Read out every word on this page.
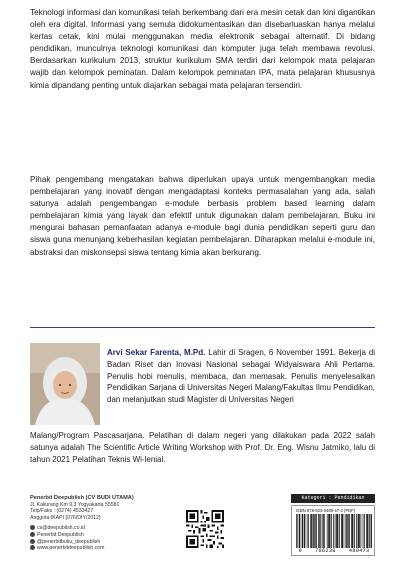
Teknologi informasi dan komunikasi telah berkembang dari era mesin cetak dan kini digantikan oleh era digital. Informasi yang semula didokumentasikan dan disebarluaskan hanya melalui kertas cetak, kini mulai menggunakan media elektronik sebagai alternatif. Di bidang pendidikan, munculnya teknologi komunikasi dan komputer juga telah membawa revolusi. Berdasarkan kurikulum 2013, struktur kurikulum SMA terdiri dari kelompok mata pelajaran wajib dan kelompok peminatan. Dalam kelompok peminatan IPA, mata pelajaran khususnya kimia dipandang penting untuk diajarkan sebagai mata pelajaran tersendiri.

Pihak pengembang mengatakan bahwa diperlukan upaya untuk mengembangkan media pembelajaran yang inovatif dengan mengadaptasi konteks permasalahan yang ada, salah satunya adalah pengembangan e-module berbasis problem based learning dalam pembelajaran kimia yang layak dan efektif untuk digunakan dalam pembelajaran. Buku ini mengurai bahasan pemanfaatan adanya e-module bagi dunia pendidikan seperti guru dan siswa guna menunjang keberhasilan kegiatan pembelajaran. Diharapkan melalui e-module ini, abstraksi dan miskonsepsi siswa tentang kimia akan berkurang.

Arvi Sekar Farenta, M.Pd. Lahir di Sragen, 6 November 1991. Bekerja di Badan Riset dan Inovasi Nasional sebagai Widyaiswara Ahli Pertama. Penulis hobi menulis, membaca, dan memasak. Penulis menyelesaikan Pendidikan Sarjana di Universitas Negeri Malang/Fakultas Ilmu Pendidikan, dan melanjutkan studi Magister di Universitas Negeri

Malang/Program Pascasarjana. Pelatihan di dalam negeri yang dilakukan pada 2022 salah satunya adalah The Scientific Article Writing Workshop with Prof. Dr. Eng. Wisnu Jatmiko, lalu di tahun 2021 Pelatihan Teknis Wi-lenial.

Penerbit Deepublish (CV BUDI UTAMA)
Jl. Kaliurang Km 9,3 Yogyakarta 55581
Telp/Faks : (0274) 4533427
Anggota IKAPI (076/DIY/2012)
cs@deepublish.co.id
Penerbit Deepublish
@penerbitbuku_deepublish
www.penerbitdeepublish.com
Kategori : Pendidikan
ISBN 978-623-0489-47-3 (PDF)
9	786238	489473
